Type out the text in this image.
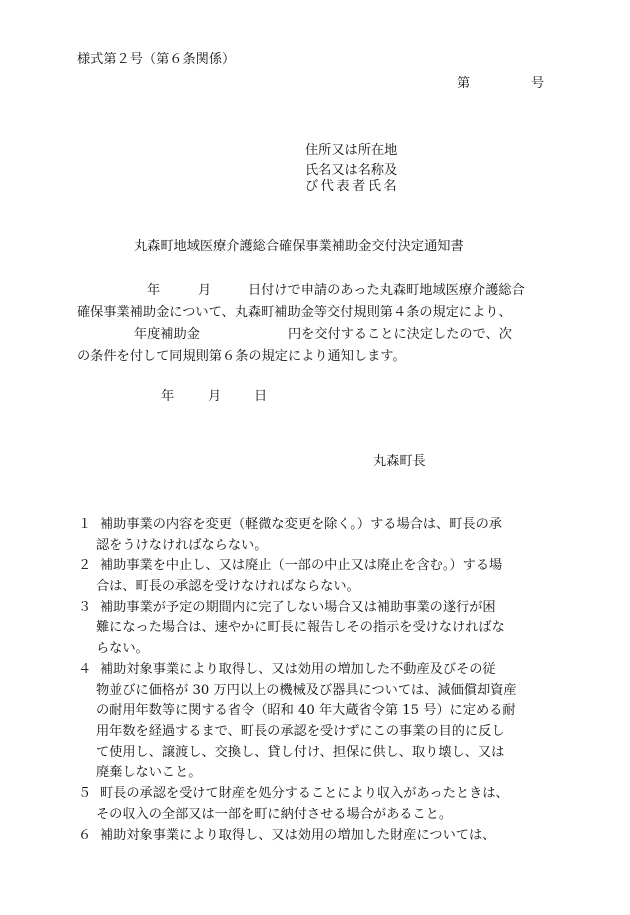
様式第２号（第６条関係）
第	号
住所又は所在地
氏名又は名称及
び代表者氏名
丸森町地域医療介護総合確保事業補助金交付決定通知書
年	月	日付けで申請のあった丸森町地域医療介護総合
確保事業補助金について、丸森町補助金等交付規則第４条の規定により、
年度補助金	円を交付することに決定したので、次
の条件を付して同規則第６条の規定により通知します。
年	月 日
丸森町長
１ 補助事業の内容を変更（軽微な変更を除く。）する場合は、町長の承
認をうけなければならない。
２ 補助事業を中止し、又は廃止（一部の中止又は廃止を含む。）する場
合は、町長の承認を受けなければならない。
３ 補助事業が予定の期間内に完了しない場合又は補助事業の遂行が困
難になった場合は、速やかに町長に報告しその指示を受けなければな
らない。
４ 補助対象事業により取得し、又は効用の増加した不動産及びその従
物並びに価格が 30 万円以上の機械及び器具については、減価償却資産
の耐用年数等に関する省令（昭和 40 年大蔵省令第 15 号）に定める耐
用年数を経過するまで、町長の承認を受けずにこの事業の目的に反し
て使用し、譲渡し、交換し、貸し付け、担保に供し、取り壊し、又は
廃棄しないこと。
５ 町長の承認を受けて財産を処分することにより収入があったときは、
その収入の全部又は一部を町に納付させる場合があること。
６ 補助対象事業により取得し、又は効用の増加した財産については、
